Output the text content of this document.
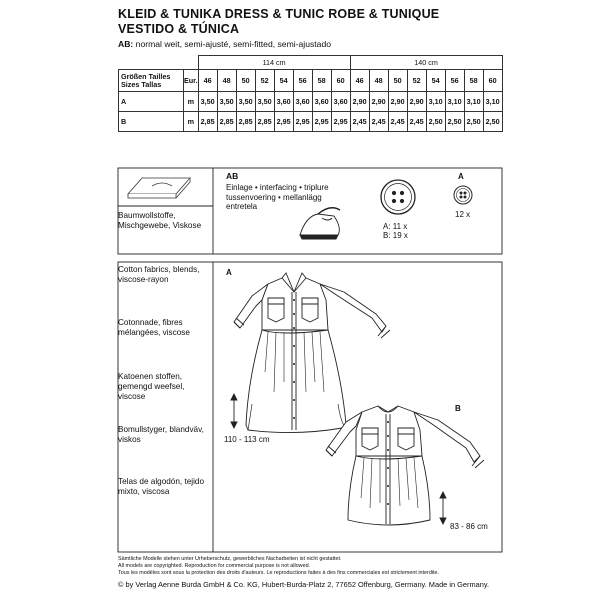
KLEID & TUNIKA DRESS & TUNIC ROBE & TUNIQUE
VESTIDO & TÚNICA
AB: normal weit, semi-ajusté, semi-fitted, semi-ajustado
		114 cm								140 cm							
Größen Tailles
Sizes Tallas	Eur.	46	48	50	52	54	56	58	60	46	48	50	52	54	56	58	60
A	m	3,50	3,50	3,50	3,50	3,60	3,60	3,60	3,60	2,90	2,90	2,90	2,90	3,10	3,10	3,10	3,10
B	m	2,85	2,85	2,85	2,85	2,95	2,95	2,95	2,95	2,45	2,45	2,45	2,45	2,50	2,50	2,50	2,50
AB
Einlage • interfacing • triplure
tussenvoering • mellanlägg
entretela
A
12 x
A: 11 x
B: 19 x
Baumwollstoffe, Mischgewebe, Viskose
Cotton fabrics, blends, viscose-rayon
Cotonnade, fibres mélangées, viscose
Katoenen stoffen, gemengd weefsel, viscose
Bomullstyger, blandväv, viskos
Telas de algodón, tejido mixto, viscosa
A
110 - 113 cm
B
83 - 86 cm
Sämtliche Modelle stehen unter Urheberschutz, gewerbliches Nacharbeiten ist nicht gestattet.
All models are copyrighted. Reproduction for commercial purpose is not allowed.
Tous les modèles sont sous la protection des droits d'auteurs. Le reproductions faites à des fins commerciales est strictement interdite.
© by Verlag Aenne Burda GmbH & Co. KG, Hubert-Burda-Platz 2, 77652 Offenburg, Germany. Made in Germany.
